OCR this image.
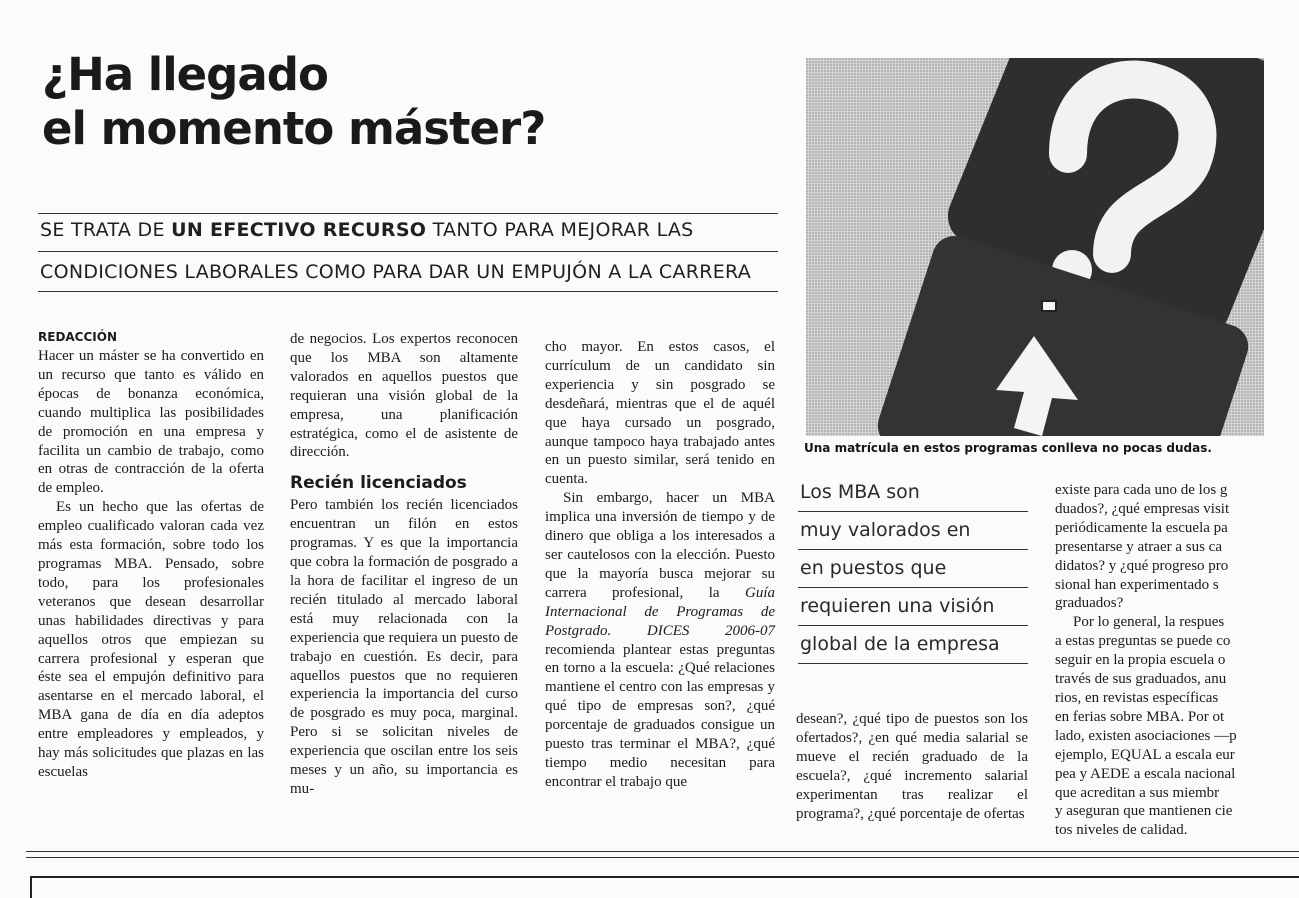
¿Ha llegado
el momento máster?

SE TRATA DE UN EFECTIVO RECURSO TANTO PARA MEJORAR LAS

CONDICIONES LABORALES COMO PARA DAR UN EMPUJÓN A LA CARRERA

REDACCIÓN

Hacer un máster se ha convertido en un recurso que tanto es válido en épocas de bonanza económica, cuando multiplica las posibilidades de promoción en una empresa y facilita un cambio de trabajo, como en otras de contracción de la oferta de empleo.

Es un hecho que las ofertas de empleo cualificado valoran cada vez más esta formación, sobre todo los programas MBA. Pensado, sobre todo, para los profesionales veteranos que desean desarrollar unas habilidades directivas y para aquellos otros que empiezan su carrera profesional y esperan que éste sea el empujón definitivo para asentarse en el mercado laboral, el MBA gana de día en día adeptos entre empleadores y empleados, y hay más solicitudes que plazas en las escuelas

de negocios. Los expertos reconocen que los MBA son altamente valorados en aquellos puestos que requieran una visión global de la empresa, una planificación estratégica, como el de asistente de dirección.

Recién licenciados

Pero también los recién licenciados encuentran un filón en estos programas. Y es que la importancia que cobra la formación de posgrado a la hora de facilitar el ingreso de un recién titulado al mercado laboral está muy relacionada con la experiencia que requiera un puesto de trabajo en cuestión. Es decir, para aquellos puestos que no requieren experiencia la importancia del curso de posgrado es muy poca, marginal. Pero si se solicitan niveles de experiencia que oscilan entre los seis meses y un año, su importancia es mu-

cho mayor. En estos casos, el currículum de un candidato sin experiencia y sin posgrado se desdeñará, mientras que el de aquél que haya cursado un posgrado, aunque tampoco haya trabajado antes en un puesto similar, será tenido en cuenta.

Sin embargo, hacer un MBA implica una inversión de tiempo y de dinero que obliga a los interesados a ser cautelosos con la elección. Puesto que la mayoría busca mejorar su carrera profesional, la Guía Internacional de Programas de Postgrado. DICES 2006-07 recomienda plantear estas preguntas en torno a la escuela: ¿Qué relaciones mantiene el centro con las empresas y qué tipo de empresas son?, ¿qué porcentaje de graduados consigue un puesto tras terminar el MBA?, ¿qué tiempo medio necesitan para encontrar el trabajo que

Una matrícula en estos programas conlleva no pocas dudas.

Los MBA son
muy valorados en
en puestos que
requieren una visión
global de la empresa

desean?, ¿qué tipo de puestos son los ofertados?, ¿en qué media salarial se mueve el recién graduado de la escuela?, ¿qué incremento salarial experimentan tras realizar el programa?, ¿qué porcentaje de ofertas

existe para cada uno de los g
duados?, ¿qué empresas visit
periódicamente la escuela pa
presentarse y atraer a sus ca
didatos? y ¿qué progreso pro
sional han experimentado s
graduados?
Por lo general, la respues
a estas preguntas se puede co
seguir en la propia escuela o
través de sus graduados, anu
rios, en revistas específicas
en ferias sobre MBA. Por ot
lado, existen asociaciones —p
ejemplo, EQUAL a escala eur
pea y AEDE a escala nacional
que acreditan a sus miembr
y aseguran que mantienen cie
tos niveles de calidad.
